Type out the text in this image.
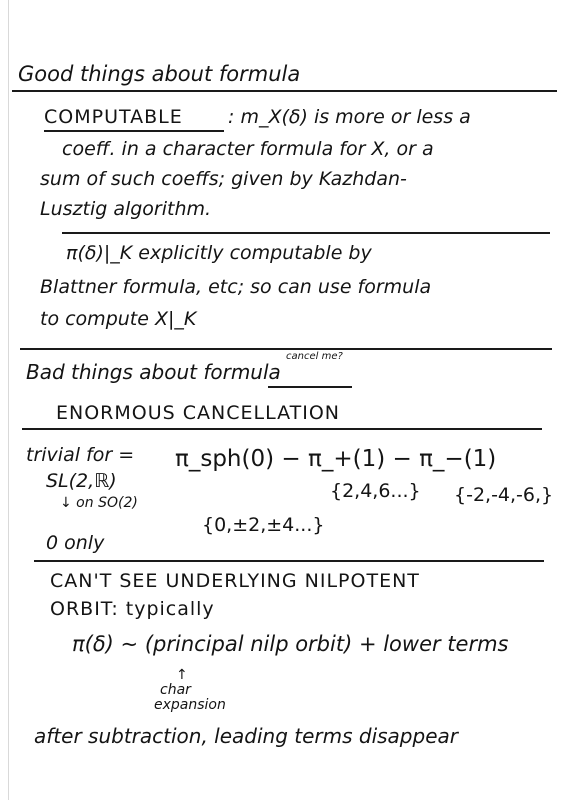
Good things about formula
COMPUTABLE : m_X(δ) is more or less a
coeff. in a character formula for X, or a
sum of such coeffs; given by Kazhdan-
Lusztig algorithm.
π(δ)|_K explicitly computable by
Blattner formula, etc; so can use formula
to compute X|_K
Bad things about formula
cancel me?
ENORMOUS CANCELLATION
trivial for =
SL(2,ℝ)
↓ on SO(2)
π_sph(0) − π_+(1) − π_−(1)
{2,4,6...} {-2,-4,-6,}
{0,±2,±4...}
0 only
CAN'T SEE UNDERLYING NILPOTENT
ORBIT: typically
π(δ) ∼ (principal nilp orbit) + lower terms
↑
char
expansion
after subtraction, leading terms disappear
